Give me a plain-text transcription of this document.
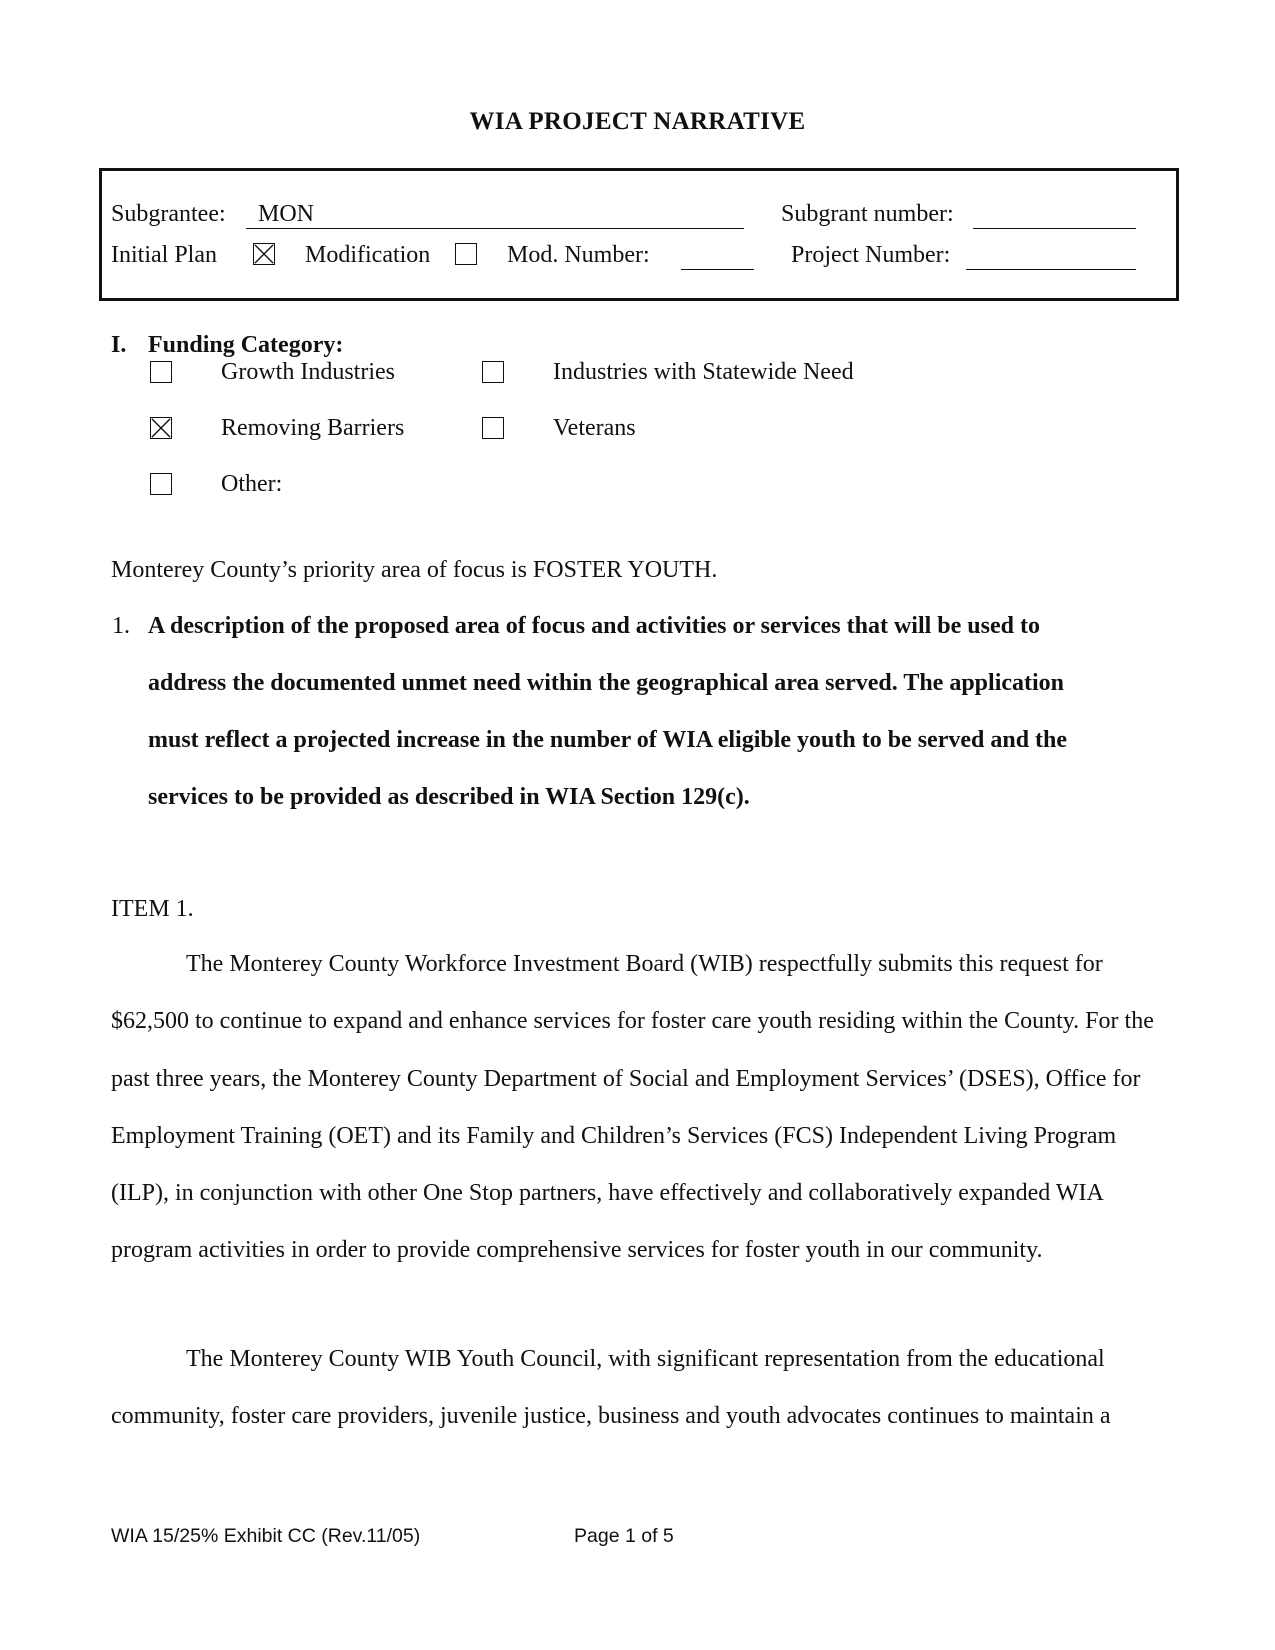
WIA PROJECT NARRATIVE
Subgrantee: MON	Subgrant number:
Initial Plan	Modification	Mod. Number:	Project Number:
I. Funding Category:
Growth Industries	Industries with Statewide Need
Removing Barriers	Veterans
Other:
Monterey County’s priority area of focus is FOSTER YOUTH.
1. A description of the proposed area of focus and activities or services that will be used to
address the documented unmet need within the geographical area served. The application
must reflect a projected increase in the number of WIA eligible youth to be served and the
services to be provided as described in WIA Section 129(c).
ITEM 1.
The Monterey County Workforce Investment Board (WIB) respectfully submits this request for $62,500 to continue to expand and enhance services for foster care youth residing within the County. For the past three years, the Monterey County Department of Social and Employment Services’ (DSES), Office for Employment Training (OET) and its Family and Children’s Services (FCS) Independent Living Program (ILP), in conjunction with other One Stop partners, have effectively and collaboratively expanded WIA program activities in order to provide comprehensive services for foster youth in our community.
The Monterey County WIB Youth Council, with significant representation from the educational community, foster care providers, juvenile justice, business and youth advocates continues to maintain a
WIA 15/25% Exhibit CC (Rev.11/05)	Page 1 of 5
